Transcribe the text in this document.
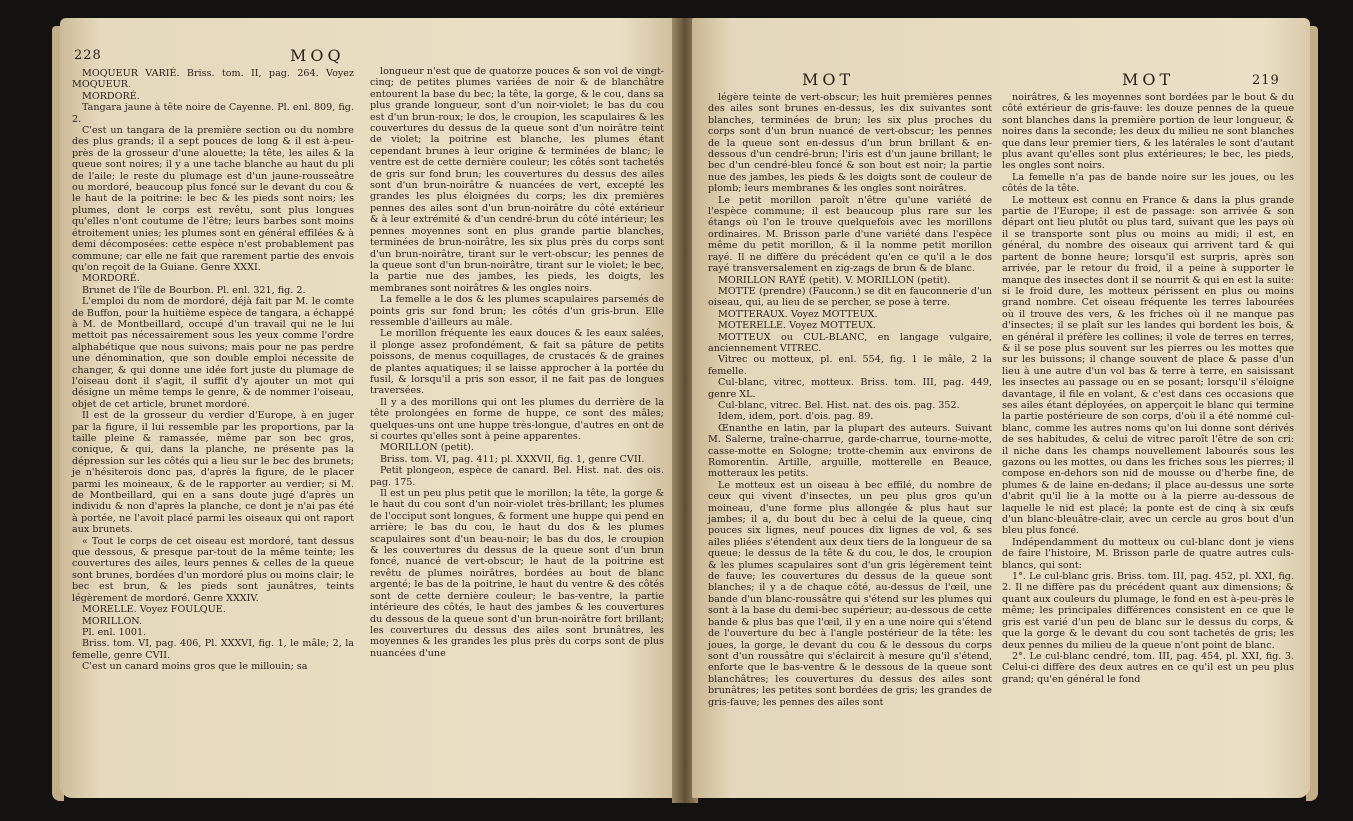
228	MOQ

MOQUEUR VARIÉ. Briss. tom. II, pag. 264. Voyez MOQUEUR.

MORDORÉ.

Tangara jaune à tête noire de Cayenne. Pl. enl. 809, fig. 2.

C'est un tangara de la première section ou du nombre des plus grands; il a sept pouces de long & il est à-peu-près de la grosseur d'une alouette; la tête, les ailes & la queue sont noires; il y a une tache blanche au haut du pli de l'aile; le reste du plumage est d'un jaune-rousseâtre ou mordoré, beaucoup plus foncé sur le devant du cou & le haut de la poitrine: le bec & les pieds sont noirs; les plumes, dont le corps est revêtu, sont plus longues qu'elles n'ont coutume de l'être; leurs barbes sont moins étroitement unies; les plumes sont en général effilées & à demi décomposées: cette espèce n'est probablement pas commune; car elle ne fait que rarement partie des envois qu'on reçoit de la Guiane. Genre XXXI.

MORDORÉ.

Brunet de l'île de Bourbon. Pl. enl. 321, fig. 2.

L'emploi du nom de mordoré, déjà fait par M. le comte de Buffon, pour la huitième espèce de tangara, a échappé à M. de Montbeillard, occupé d'un travail qui ne le lui mettoit pas nécessairement sous les yeux comme l'ordre alphabétique que nous suivons; mais pour ne pas perdre une dénomination, que son double emploi nécessite de changer, & qui donne une idée fort juste du plumage de l'oiseau dont il s'agit, il suffit d'y ajouter un mot qui désigne un même temps le genre, & de nommer l'oiseau, objet de cet article, brunet mordoré.

Il est de la grosseur du verdier d'Europe, à en juger par la figure, il lui ressemble par les proportions, par la taille pleine & ramassée, même par son bec gros, conique, & qui, dans la planche, ne présente pas la dépression sur les côtés qui a lieu sur le bec des brunets; je n'hésiterois donc pas, d'après la figure, de le placer parmi les moineaux, & de le rapporter au verdier; si M. de Montbeillard, qui en a sans doute jugé d'après un individu & non d'après la planche, ce dont je n'ai pas été à portée, ne l'avoit placé parmi les oiseaux qui ont raport aux brunets.

« Tout le corps de cet oiseau est mordoré, tant dessus que dessous, & presque par-tout de la même teinte; les couvertures des ailes, leurs pennes & celles de la queue sont brunes, bordées d'un mordoré plus ou moins clair; le bec est brun, & les pieds sont jaunâtres, teints légèrement de mordoré. Genre XXXIV.

MORELLE. Voyez FOULQUE.

MORILLON.

Pl. enl. 1001.

Briss. tom. VI, pag. 406, Pl. XXXVI, fig. 1, le mâle; 2, la femelle, genre CVII.

C'est un canard moins gros que le millouin; sa

longueur n'est que de quatorze pouces & son vol de vingt-cinq; de petites plumes variées de noir & de blanchâtre entourent la base du bec; la tête, la gorge, & le cou, dans sa plus grande longueur, sont d'un noir-violet; le bas du cou est d'un brun-roux; le dos, le croupion, les scapulaires & les couvertures du dessus de la queue sont d'un noirâtre teint de violet; la poitrine est blanche, les plumes étant cependant brunes à leur origine & terminées de blanc; le ventre est de cette dernière couleur; les côtés sont tachetés de gris sur fond brun; les couvertures du dessus des ailes sont d'un brun-noirâtre & nuancées de vert, excepté les grandes les plus éloignées du corps; les dix premières pennes des ailes sont d'un brun-noirâtre du côté extérieur & à leur extrémité & d'un cendré-brun du côté intérieur; les pennes moyennes sont en plus grande partie blanches, terminées de brun-noirâtre, les six plus près du corps sont d'un brun-noirâtre, tirant sur le vert-obscur; les pennes de la queue sont d'un brun-noirâtre, tirant sur le violet; le bec, la partie nue des jambes, les pieds, les doigts, les membranes sont noirâtres & les ongles noirs.

La femelle a le dos & les plumes scapulaires parsemés de points gris sur fond brun; les côtés d'un gris-brun. Elle ressemble d'ailleurs au mâle.

Le morillon fréquente les eaux douces & les eaux salées, il plonge assez profondément, & fait sa pâture de petits poissons, de menus coquillages, de crustacés & de graines de plantes aquatiques; il se laisse approcher à la portée du fusil, & lorsqu'il a pris son essor, il ne fait pas de longues traversées.

Il y a des morillons qui ont les plumes du derrière de la tête prolongées en forme de huppe, ce sont des mâles; quelques-uns ont une huppe très-longue, d'autres en ont de si courtes qu'elles sont à peine apparentes.

MORILLON (petit).

Briss. tom. VI, pag. 411; pl. XXXVII, fig. 1, genre CVII.

Petit plongeon, espèce de canard. Bel. Hist. nat. des ois. pag. 175.

Il est un peu plus petit que le morillon; la tête, la gorge & le haut du cou sont d'un noir-violet très-brillant; les plumes de l'occiput sont longues, & forment une huppe qui pend en arrière; le bas du cou, le haut du dos & les plumes scapulaires sont d'un beau-noir; le bas du dos, le croupion & les couvertures du dessus de la queue sont d'un brun foncé, nuancé de vert-obscur; le haut de la poitrine est revêtu de plumes noirâtres, bordées au bout de blanc argenté; le bas de la poitrine, le haut du ventre & des côtés sont de cette dernière couleur; le bas-ventre, la partie intérieure des côtés, le haut des jambes & les couvertures du dessous de la queue sont d'un brun-noirâtre fort brillant; les couvertures du dessus des ailes sont brunâtres, les moyennes & les grandes les plus près du corps sont de plus nuancées d'une

MOT	MOT	219

légère teinte de vert-obscur; les huit premières pennes des ailes sont brunes en-dessus, les dix suivantes sont blanches, terminées de brun; les six plus proches du corps sont d'un brun nuancé de vert-obscur; les pennes de la queue sont en-dessus d'un brun brillant & en-dessous d'un cendré-brun; l'iris est d'un jaune brillant; le bec d'un cendré-bleu foncé & son bout est noir; la partie nue des jambes, les pieds & les doigts sont de couleur de plomb; leurs membranes & les ongles sont noirâtres.

Le petit morillon paroît n'être qu'une variété de l'espèce commune; il est beaucoup plus rare sur les étangs où l'on le trouve quelquefois avec les morillons ordinaires. M. Brisson parle d'une variété dans l'espèce même du petit morillon, & il la nomme petit morillon rayé. Il ne diffère du précédent qu'en ce qu'il a le dos rayé transversalement en zig-zags de brun & de blanc.

MORILLON RAYÉ (petit). V. MORILLON (petit).

MOTTE (prendre) (Fauconn.) se dit en fauconnerie d'un oiseau, qui, au lieu de se percher, se pose à terre.

MOTTERAUX. Voyez MOTTEUX.

MOTERELLE. Voyez MOTTEUX.

MOTTEUX ou CUL-BLANC, en langage vulgaire, anciennement VITREC.

Vitrec ou motteux, pl. enl. 554, fig. 1 le mâle, 2 la femelle.

Cul-blanc, vitrec, motteux. Briss. tom. III, pag. 449, genre XL.

Cul-blanc, vitrec. Bel. Hist. nat. des ois. pag. 352.

Idem, idem, port. d'ois. pag. 89.

Œnanthe en latin, par la plupart des auteurs. Suivant M. Salerne, traîne-charrue, garde-charrue, tourne-motte, casse-motte en Sologne; trotte-chemin aux environs de Romorentin. Artille, arguille, motterelle en Beauce, motteraux les petits.

Le motteux est un oiseau à bec effilé, du nombre de ceux qui vivent d'insectes, un peu plus gros qu'un moineau, d'une forme plus allongée & plus haut sur jambes; il a, du bout du bec à celui de la queue, cinq pouces six lignes, neuf pouces dix lignes de vol, & ses ailes pliées s'étendent aux deux tiers de la longueur de sa queue; le dessus de la tête & du cou, le dos, le croupion & les plumes scapulaires sont d'un gris légèrement teint de fauve; les couvertures du dessus de la queue sont blanches; il y a de chaque côté, au-dessus de l'œil, une bande d'un blanc-roussâtre qui s'étend sur les plumes qui sont à la base du demi-bec supérieur; au-dessous de cette bande & plus bas que l'œil, il y en a une noire qui s'étend de l'ouverture du bec à l'angle postérieur de la tête: les joues, la gorge, le devant du cou & le dessous du corps sont d'un roussâtre qui s'éclaircit à mesure qu'il s'étend, enforte que le bas-ventre & le dessous de la queue sont blanchâtres; les couvertures du dessus des ailes sont brunâtres; les petites sont bordées de gris; les grandes de gris-fauve; les pennes des ailes sont

noirâtres, & les moyennes sont bordées par le bout & du côté extérieur de gris-fauve: les douze pennes de la queue sont blanches dans la première portion de leur longueur, & noires dans la seconde; les deux du milieu ne sont blanches que dans leur premier tiers, & les latérales le sont d'autant plus avant qu'elles sont plus extérieures; le bec, les pieds, les ongles sont noirs.

La femelle n'a pas de bande noire sur les joues, ou les côtés de la tête.

Le motteux est connu en France & dans la plus grande partie de l'Europe; il est de passage: son arrivée & son départ ont lieu plutôt ou plus tard, suivant que les pays où il se transporte sont plus ou moins au midi; il est, en général, du nombre des oiseaux qui arrivent tard & qui partent de bonne heure; lorsqu'il est surpris, après son arrivée, par le retour du froid, il a peine à supporter le manque des insectes dont il se nourrit & qui en est la suite: si le froid dure, les motteux périssent en plus ou moins grand nombre. Cet oiseau fréquente les terres labourées où il trouve des vers, & les friches où il ne manque pas d'insectes; il se plaît sur les landes qui bordent les bois, & en général il préfère les collines; il vole de terres en terres, & il se pose plus souvent sur les pierres ou les mottes que sur les buissons; il change souvent de place & passe d'un lieu à une autre d'un vol bas & terre à terre, en saisissant les insectes au passage ou en se posant; lorsqu'il s'éloigne davantage, il file en volant, & c'est dans ces occasions que ses ailes étant déployées, on apperçoit le blanc qui termine la partie postérieure de son corps, d'où il a été nommé cul-blanc, comme les autres noms qu'on lui donne sont dérivés de ses habitudes, & celui de vitrec paroît l'être de son cri: il niche dans les champs nouvellement labourés sous les gazons ou les mottes, ou dans les friches sous les pierres; il compose en-dehors son nid de mousse ou d'herbe fine, de plumes & de laine en-dedans; il place au-dessus une sorte d'abrit qu'il lie à la motte ou à la pierre au-dessous de laquelle le nid est placé; la ponte est de cinq à six œufs d'un blanc-bleuâtre-clair, avec un cercle au gros bout d'un bleu plus foncé.

Indépendamment du motteux ou cul-blanc dont je viens de faire l'histoire, M. Brisson parle de quatre autres culs-blancs, qui sont:

1°. Le cul-blanc gris. Briss. tom. III, pag. 452, pl. XXI, fig. 2. Il ne diffère pas du précédent quant aux dimensions; & quant aux couleurs du plumage, le fond en est à-peu-près le même; les principales différences consistent en ce que le gris est varié d'un peu de blanc sur le dessus du corps, & que la gorge & le devant du cou sont tachetés de gris; les deux pennes du milieu de la queue n'ont point de blanc.

2°. Le cul-blanc cendré, tom. III, pag. 454, pl. XXI, fig. 3. Celui-ci diffère des deux autres en ce qu'il est un peu plus grand; qu'en général le fond
